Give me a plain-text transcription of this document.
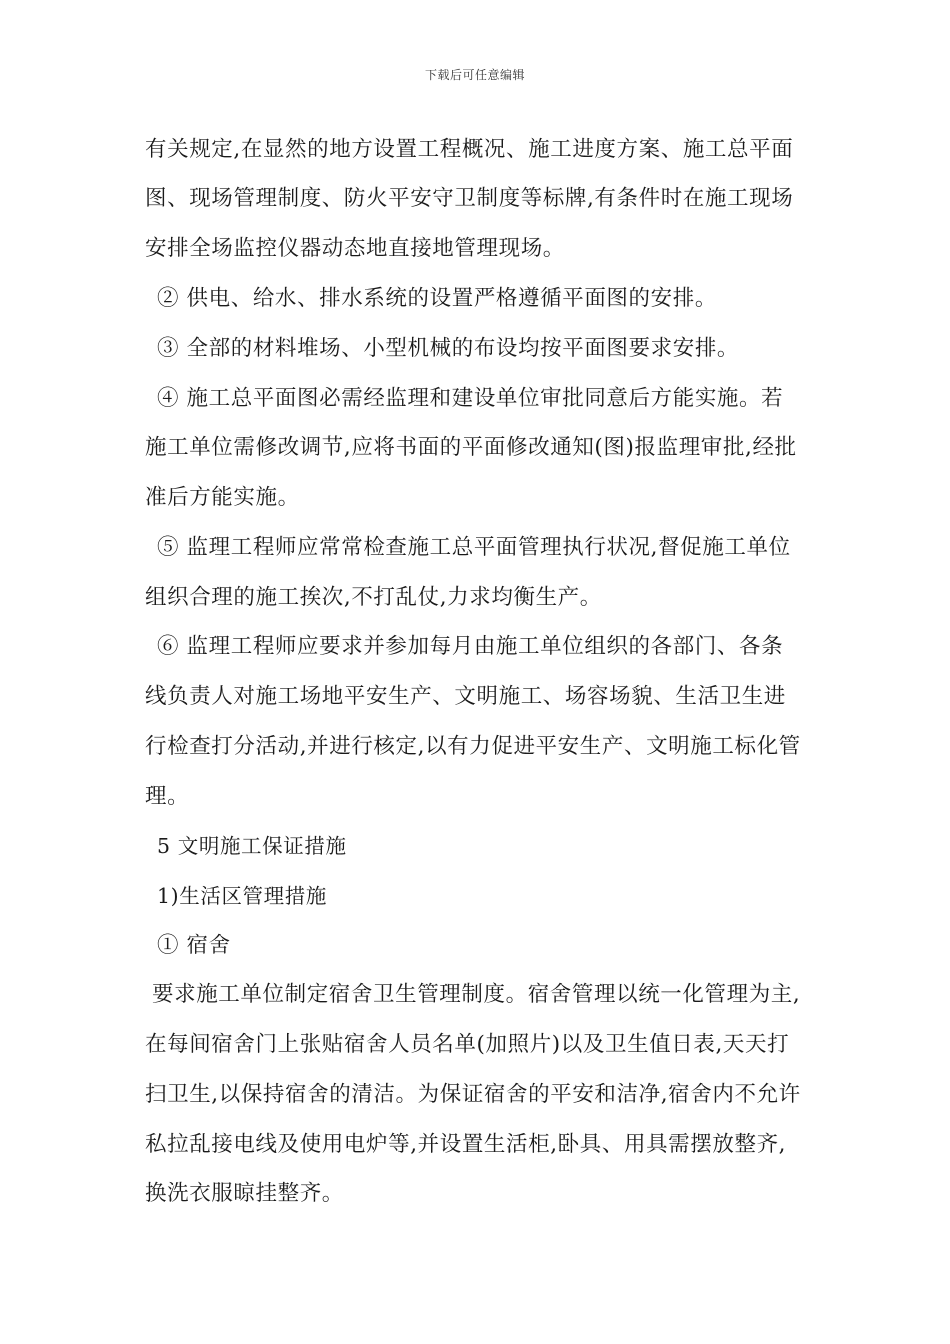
下载后可任意编辑
有关规定,在显然的地方设置工程概况、施工进度方案、施工总平面
图、现场管理制度、防火平安守卫制度等标牌,有条件时在施工现场
安排全场监控仪器动态地直接地管理现场。
② 供电、给水、排水系统的设置严格遵循平面图的安排。
③ 全部的材料堆场、小型机械的布设均按平面图要求安排。
④ 施工总平面图必需经监理和建设单位审批同意后方能实施。若
施工单位需修改调节,应将书面的平面修改通知(图)报监理审批,经批
准后方能实施。
⑤ 监理工程师应常常检查施工总平面管理执行状况,督促施工单位
组织合理的施工挨次,不打乱仗,力求均衡生产。
⑥ 监理工程师应要求并参加每月由施工单位组织的各部门、各条
线负责人对施工场地平安生产、文明施工、场容场貌、生活卫生进
行检查打分活动,并进行核定,以有力促进平安生产、文明施工标化管
理。
5 文明施工保证措施
1)生活区管理措施
① 宿舍
要求施工单位制定宿舍卫生管理制度。宿舍管理以统一化管理为主,
在每间宿舍门上张贴宿舍人员名单(加照片)以及卫生值日表,天天打
扫卫生,以保持宿舍的清洁。为保证宿舍的平安和洁净,宿舍内不允许
私拉乱接电线及使用电炉等,并设置生活柜,卧具、用具需摆放整齐,
换洗衣服晾挂整齐。
